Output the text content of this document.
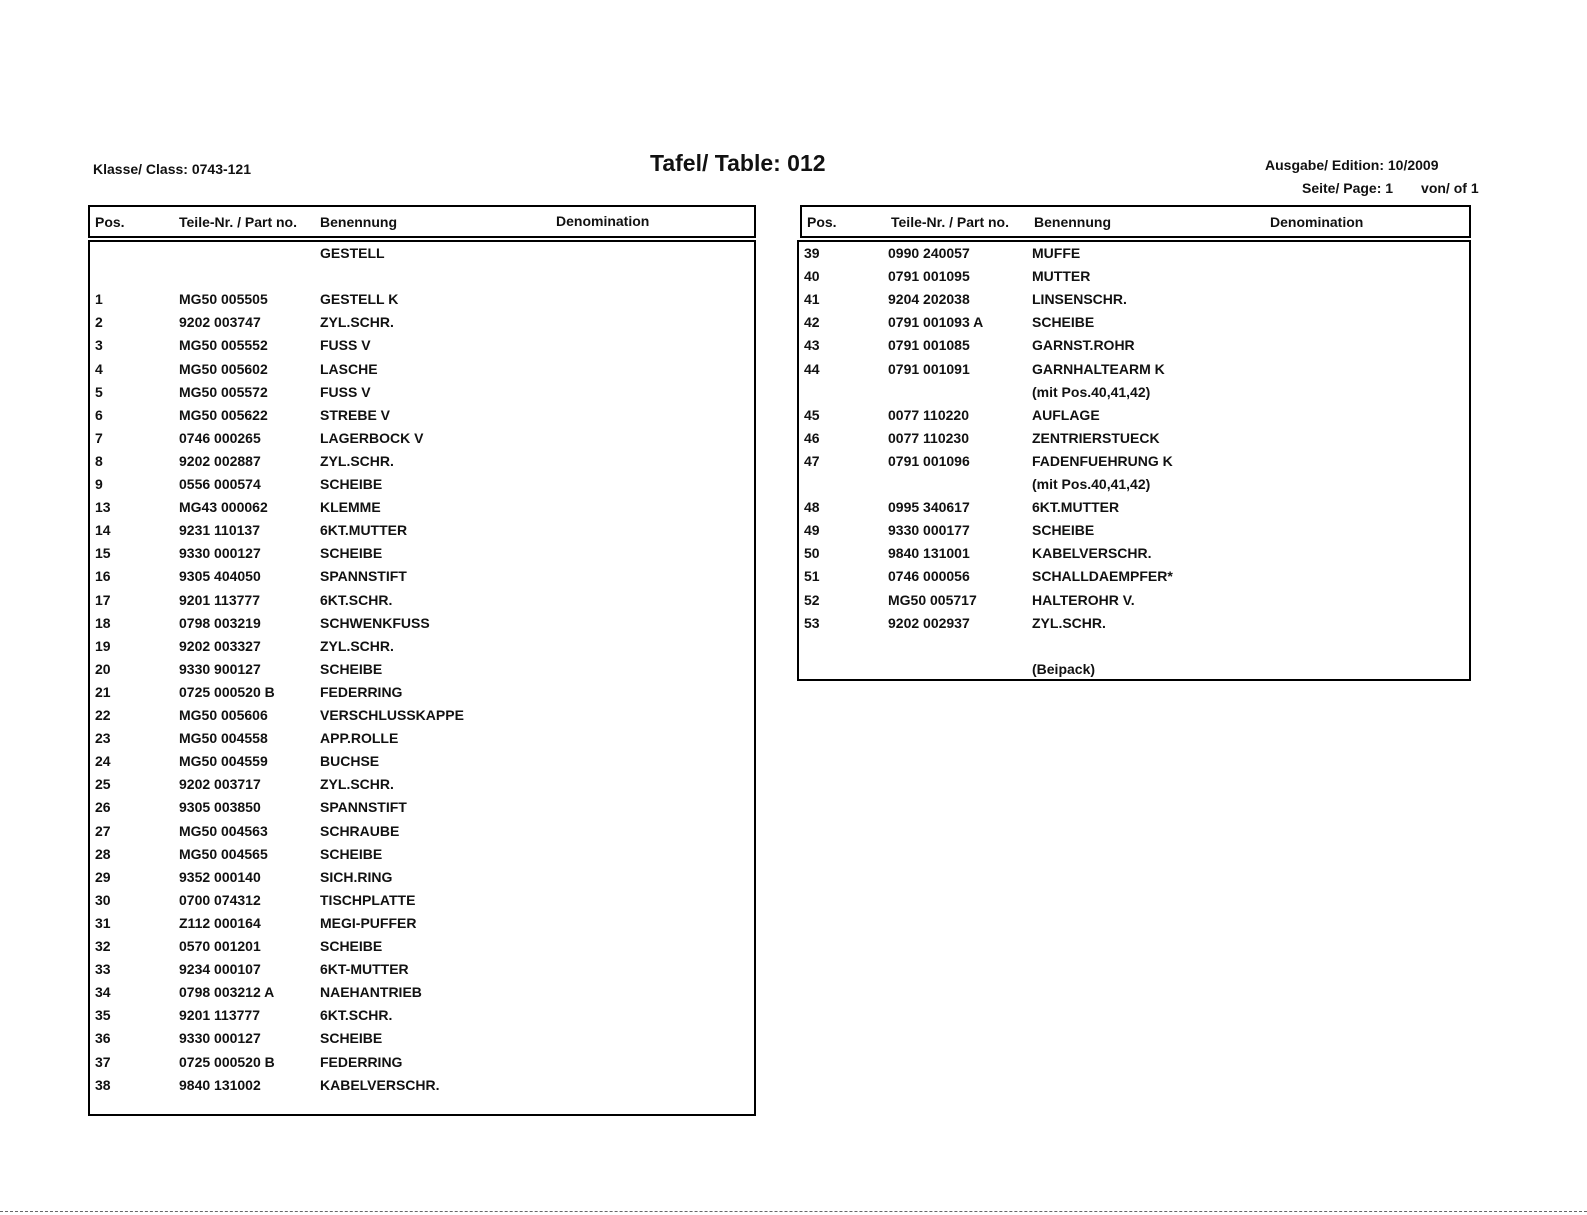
Klasse/ Class: 0743-121	Tafel/ Table: 012	Ausgabe/ Edition: 10/2009
Seite/ Page: 1 von/ of 1
Pos.	Teile-Nr. / Part no. Benennung	Denomination
GESTELL
1	MG50 005505	GESTELL K
2	9202 003747	ZYL.SCHR.
3	MG50 005552	FUSS V
4	MG50 005602	LASCHE
5	MG50 005572	FUSS V
6	MG50 005622	STREBE V
7	0746 000265	LAGERBOCK V
8	9202 002887	ZYL.SCHR.
9	0556 000574	SCHEIBE
13	MG43 000062	KLEMME
14	9231 110137	6KT.MUTTER
15	9330 000127	SCHEIBE
16	9305 404050	SPANNSTIFT
17	9201 113777	6KT.SCHR.
18	0798 003219	SCHWENKFUSS
19	9202 003327	ZYL.SCHR.
20	9330 900127	SCHEIBE
21	0725 000520 B	FEDERRING
22	MG50 005606	VERSCHLUSSKAPPE
23	MG50 004558	APP.ROLLE
24	MG50 004559	BUCHSE
25	9202 003717	ZYL.SCHR.
26	9305 003850	SPANNSTIFT
27	MG50 004563	SCHRAUBE
28	MG50 004565	SCHEIBE
29	9352 000140	SICH.RING
30	0700 074312	TISCHPLATTE
31	Z112 000164	MEGI-PUFFER
32	0570 001201	SCHEIBE
33	9234 000107	6KT-MUTTER
34	0798 003212 A	NAEHANTRIEB
35	9201 113777	6KT.SCHR.
36	9330 000127	SCHEIBE
37	0725 000520 B	FEDERRING
38	9840 131002	KABELVERSCHR.
Pos.	Teile-Nr. / Part no. Benennung	Denomination
39	0990 240057	MUFFE
40	0791 001095	MUTTER
41	9204 202038	LINSENSCHR.
42	0791 001093 A	SCHEIBE
43	0791 001085	GARNST.ROHR
44	0791 001091	GARNHALTEARM K
(mit Pos.40,41,42)
45	0077 110220	AUFLAGE
46	0077 110230	ZENTRIERSTUECK
47	0791 001096	FADENFUEHRUNG K
(mit Pos.40,41,42)
48	0995 340617	6KT.MUTTER
49	9330 000177	SCHEIBE
50	9840 131001	KABELVERSCHR.
51	0746 000056	SCHALLDAEMPFER*
52	MG50 005717	HALTEROHR V.
53	9202 002937	ZYL.SCHR.
(Beipack)
